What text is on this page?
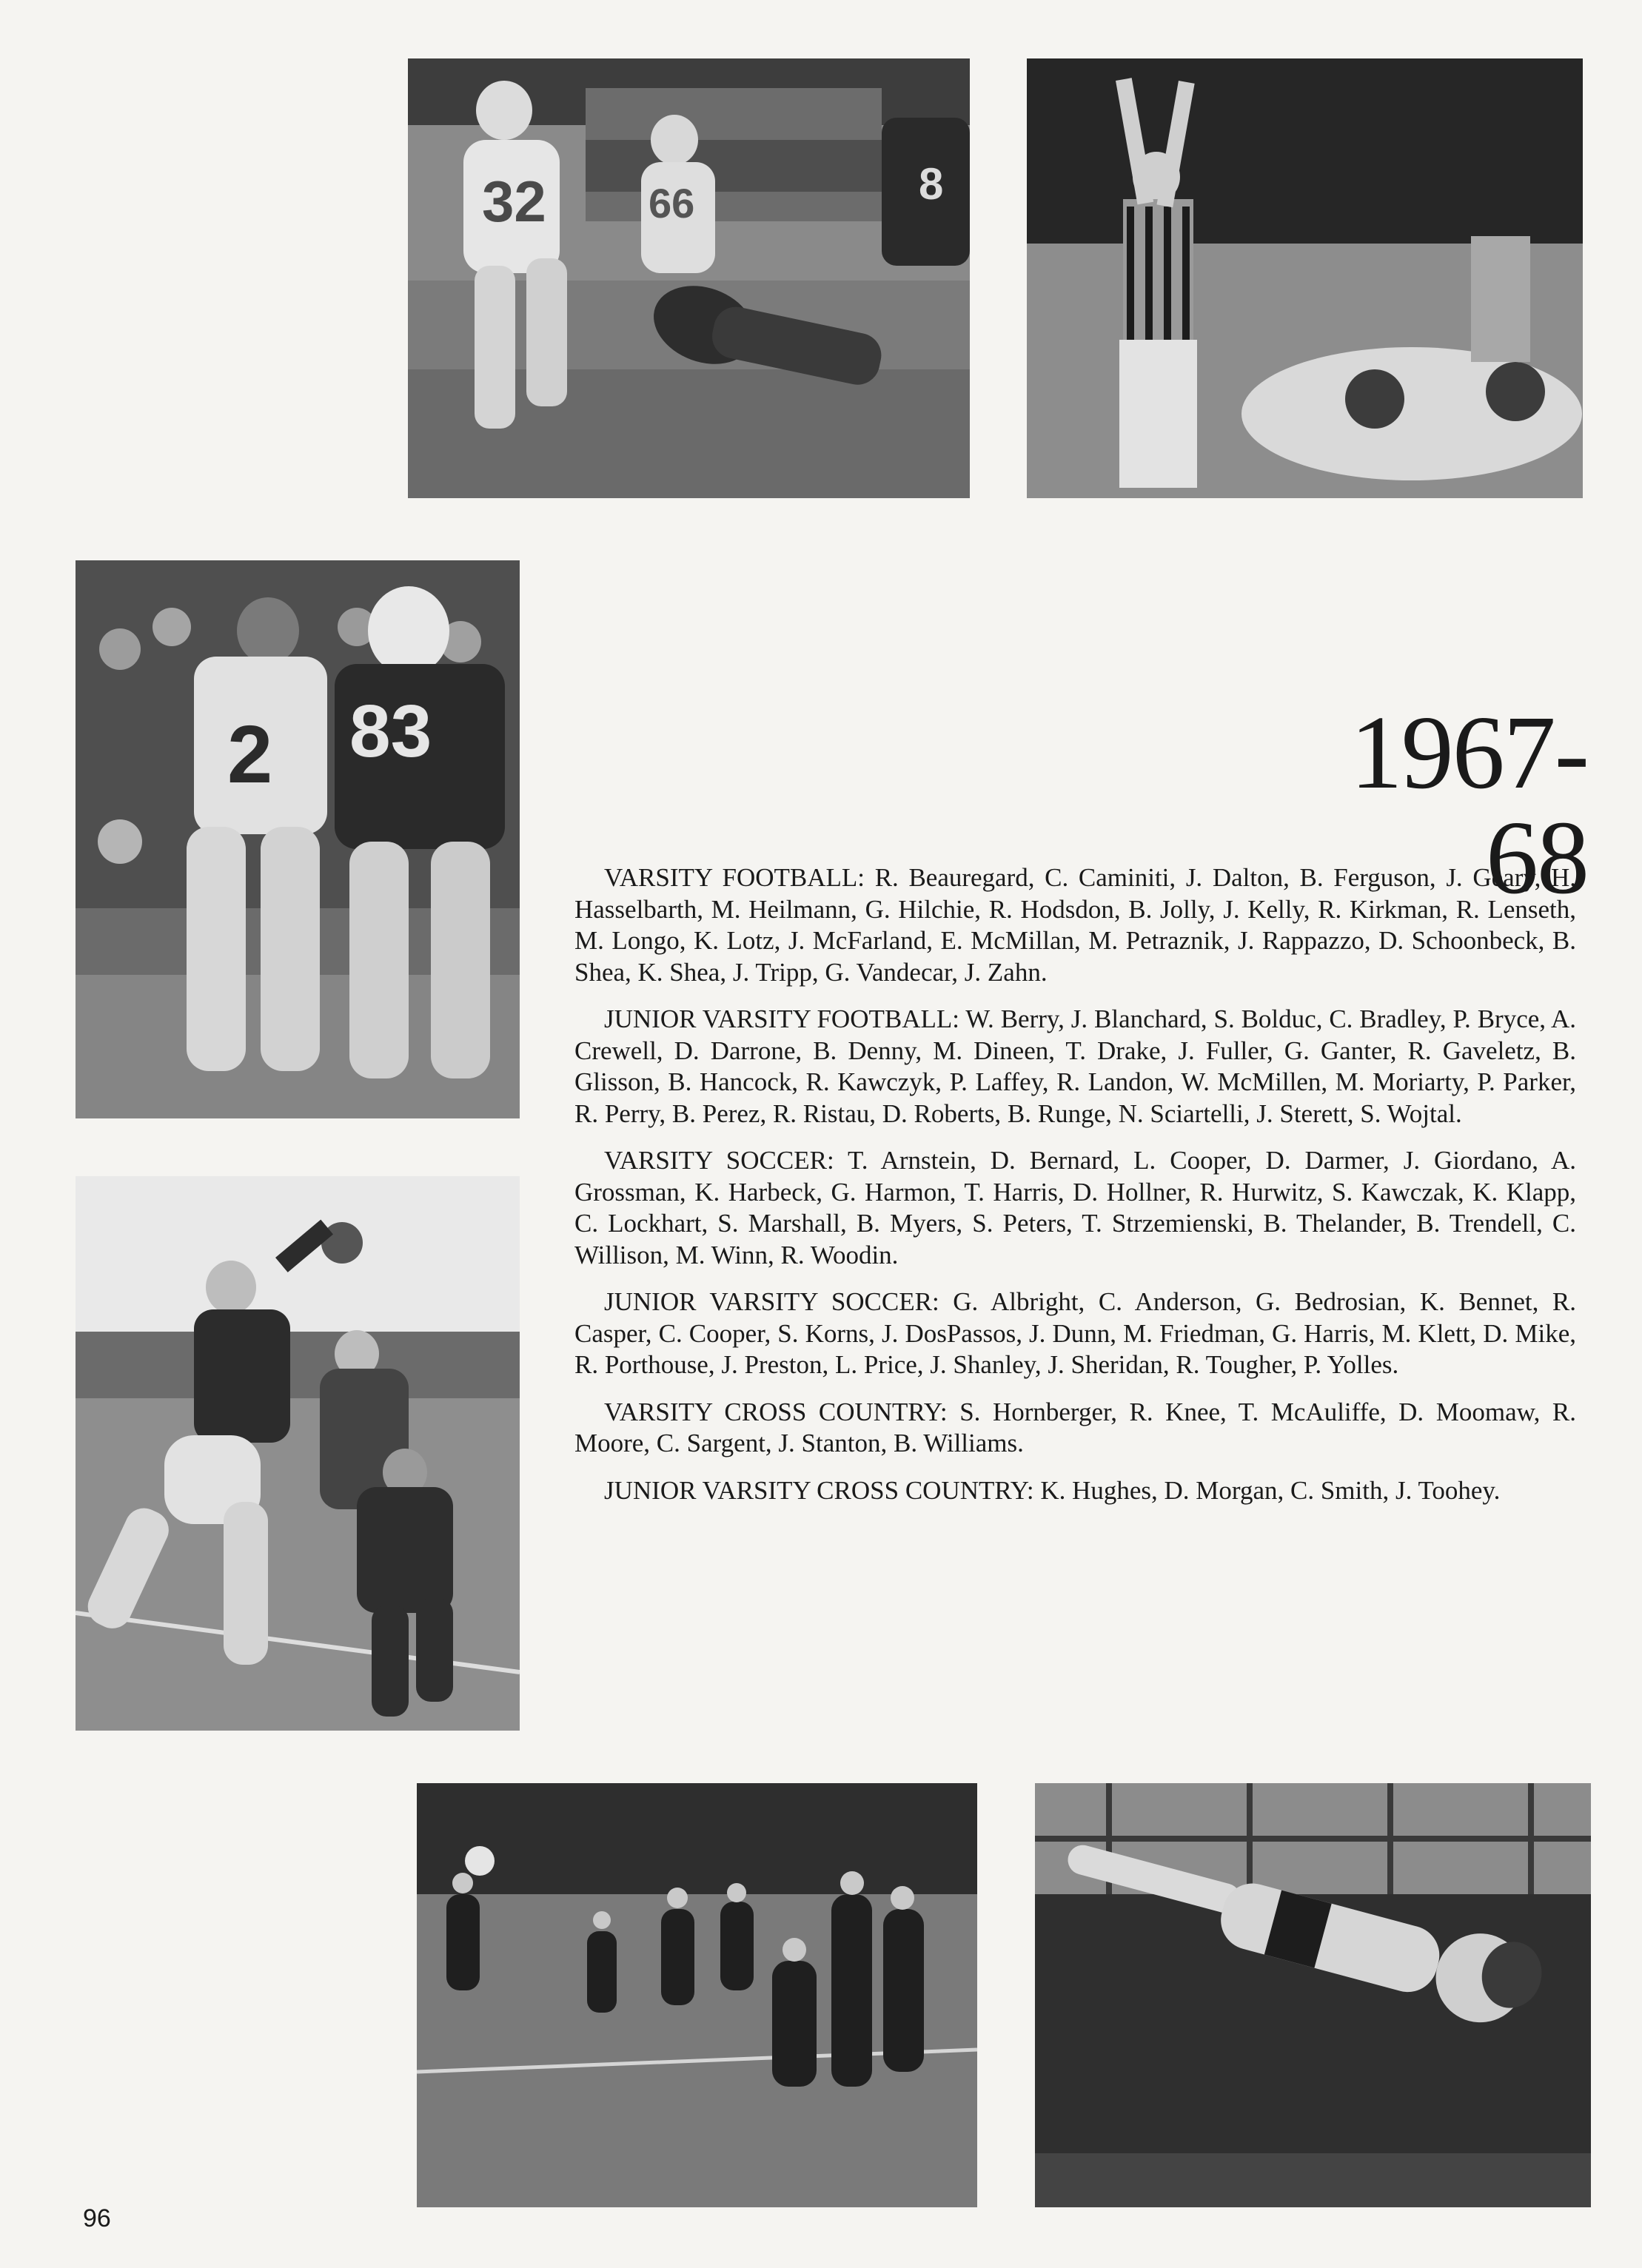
32 66	8
2 83	1967-68

VARSITY FOOTBALL: R. Beauregard, C. Caminiti, J. Dalton, B. Ferguson, J. Geary, H. Hasselbarth, M. Heilmann, G. Hilchie, R. Hodsdon, B. Jolly, J. Kelly, R. Kirkman, R. Lenseth, M. Longo, K. Lotz, J. McFarland, E. McMillan, M. Petraznik, J. Rappazzo, D. Schoonbeck, B. Shea, K. Shea, J. Tripp, G. Vandecar, J. Zahn.

JUNIOR VARSITY FOOTBALL: W. Berry, J. Blanchard, S. Bolduc, C. Bradley, P. Bryce, A. Crewell, D. Darrone, B. Denny, M. Dineen, T. Drake, J. Fuller, G. Ganter, R. Gaveletz, B. Glisson, B. Hancock, R. Kawczyk, P. Laffey, R. Landon, W. McMillen, M. Moriarty, P. Parker, R. Perry, B. Perez, R. Ristau, D. Roberts, B. Runge, N. Sciartelli, J. Sterett, S. Wojtal.

VARSITY SOCCER: T. Arnstein, D. Bernard, L. Cooper, D. Darmer, J. Giordano, A. Grossman, K. Harbeck, G. Harmon, T. Harris, D. Hollner, R. Hurwitz, S. Kawczak, K. Klapp, C. Lockhart, S. Marshall, B. Myers, S. Peters, T. Strzemienski, B. Thelander, B. Trendell, C. Willison, M. Winn, R. Woodin.

JUNIOR VARSITY SOCCER: G. Albright, C. Anderson, G. Bedrosian, K. Bennet, R. Casper, C. Cooper, S. Korns, J. DosPassos, J. Dunn, M. Friedman, G. Harris, M. Klett, D. Mike, R. Porthouse, J. Preston, L. Price, J. Shanley, J. Sheridan, R. Tougher, P. Yolles.

VARSITY CROSS COUNTRY: S. Hornberger, R. Knee, T. McAuliffe, D. Moomaw, R. Moore, C. Sargent, J. Stanton, B. Williams.

JUNIOR VARSITY CROSS COUNTRY: K. Hughes, D. Morgan, C. Smith, J. Toohey.

96
